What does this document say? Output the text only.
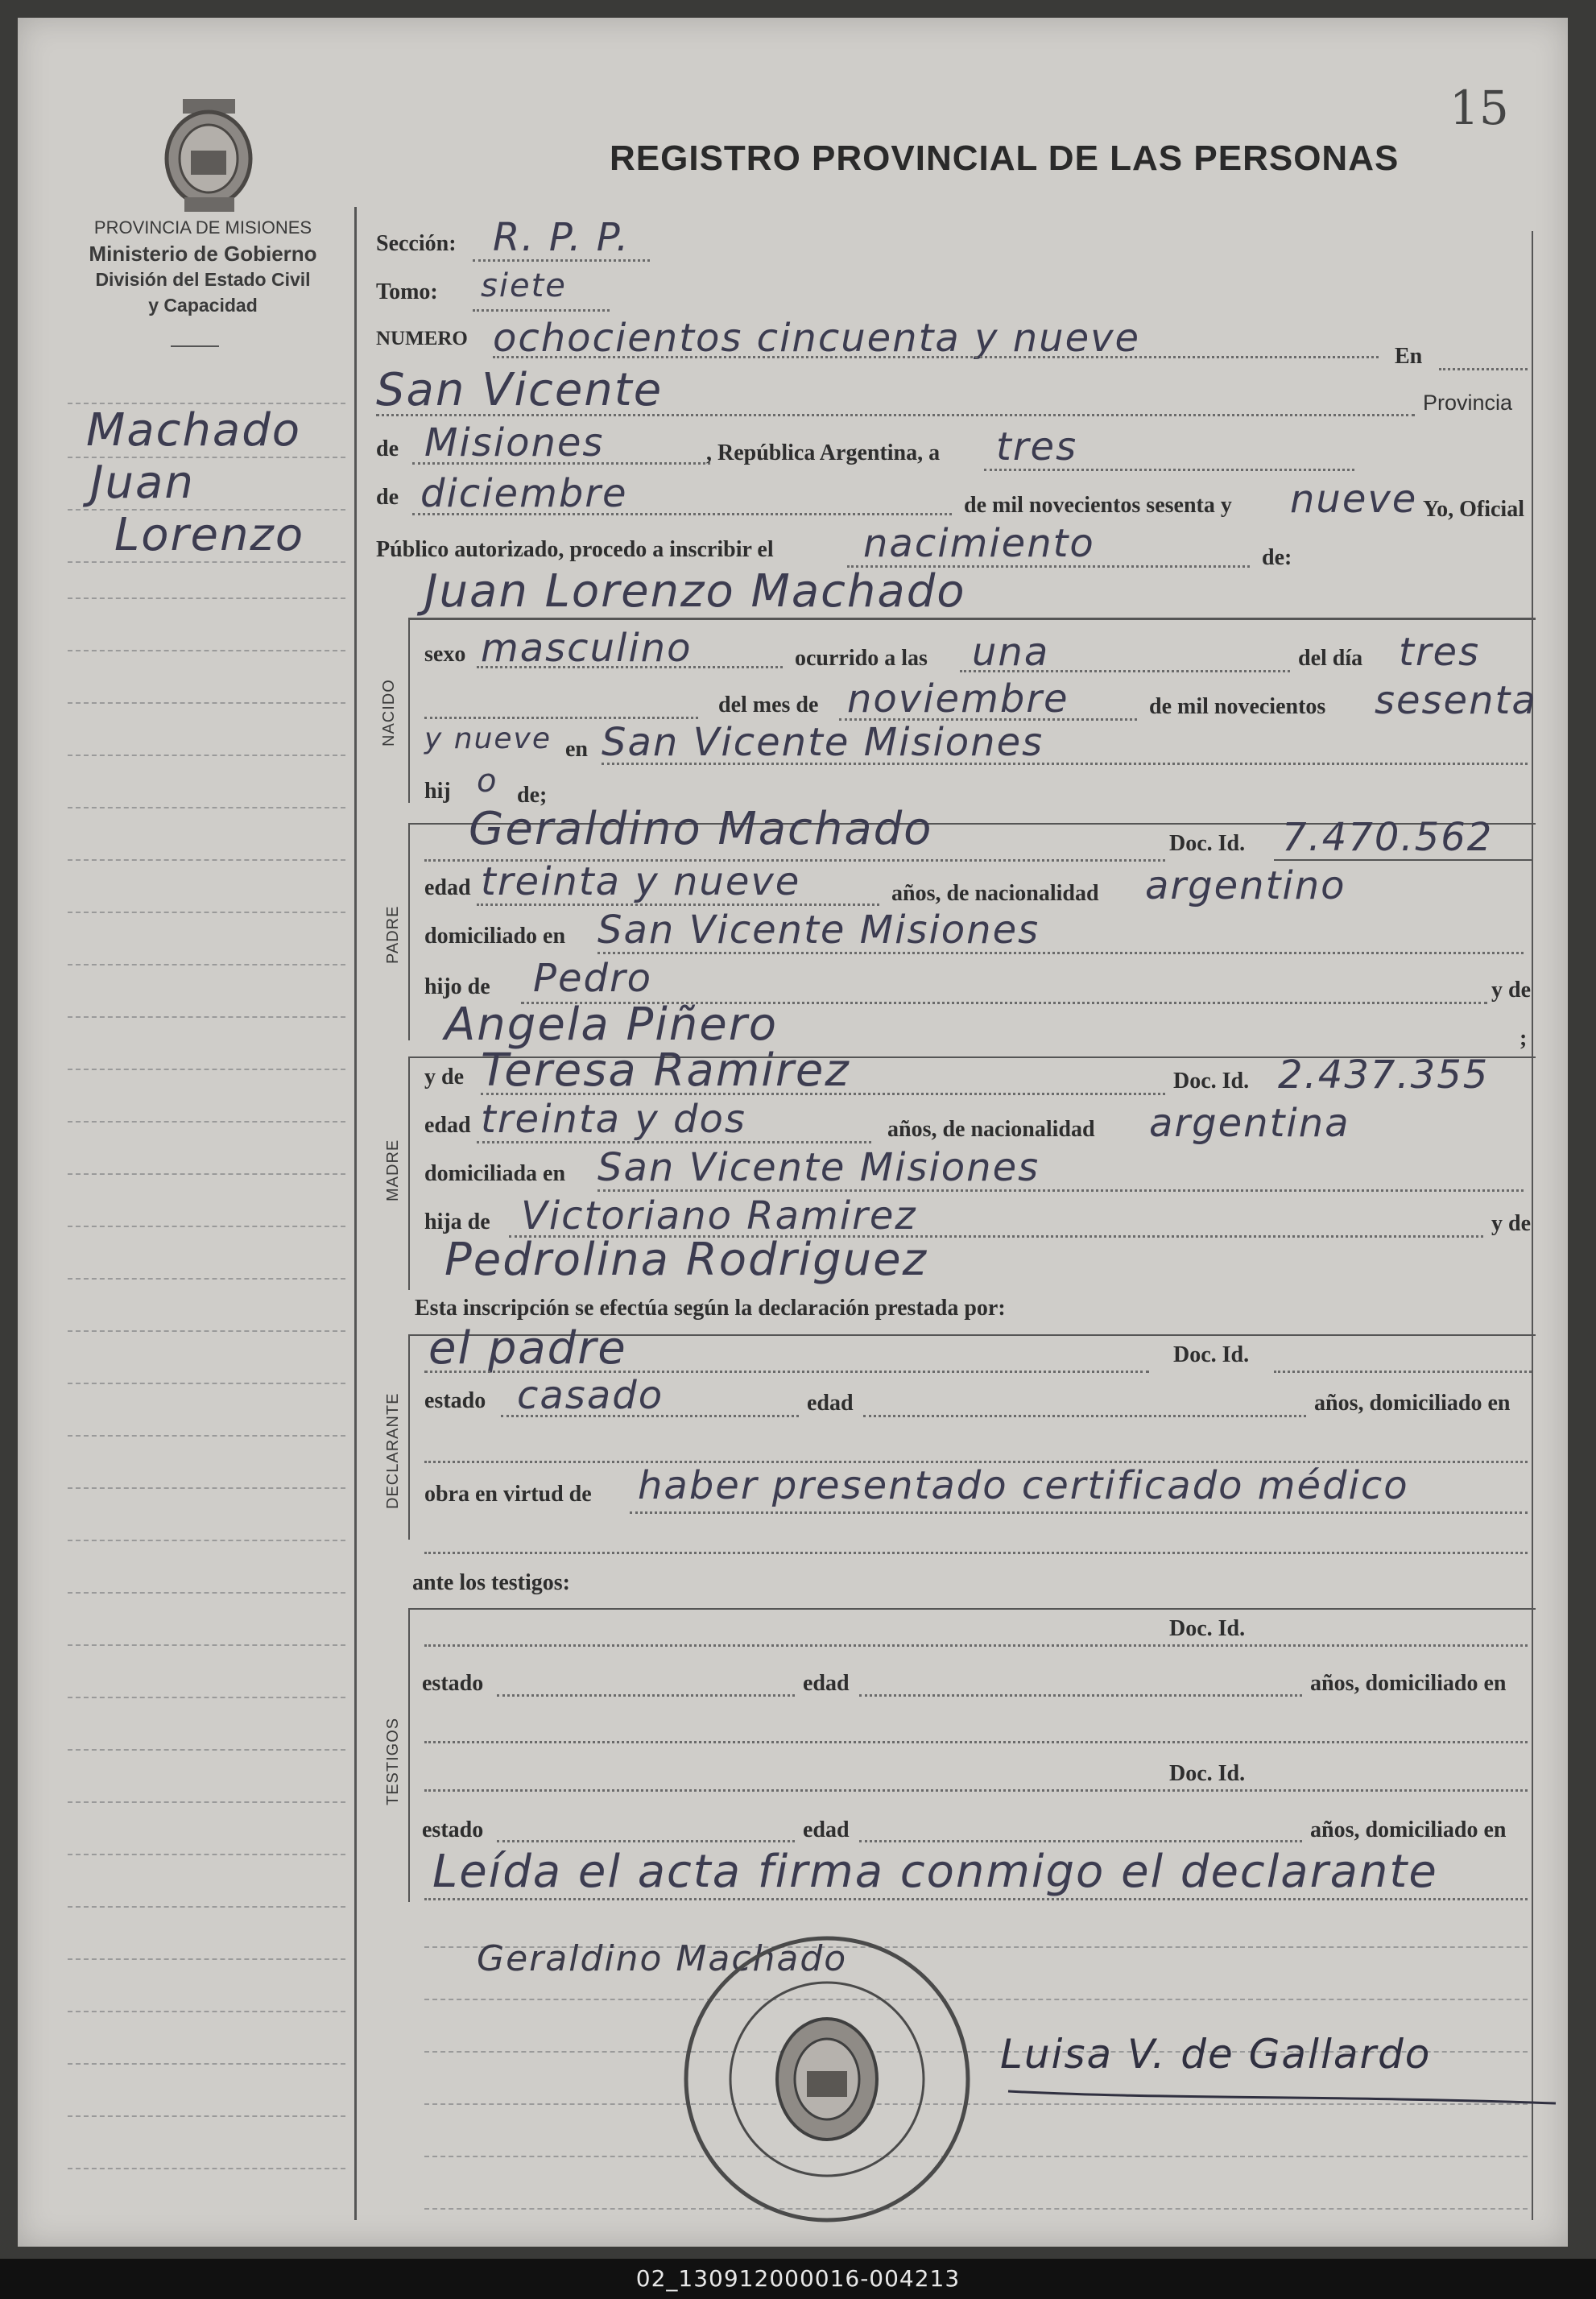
15
REGISTRO PROVINCIAL DE LAS PERSONAS
PROVINCIA DE MISIONES
Ministerio de Gobierno
División del Estado Civil
y Capacidad
Machado
Juan
Lorenzo
Sección: R. P. P.
Tomo: siete
NUMERO ochocientos cincuenta y nueve	En
San Vicente	Provincia
de Misiones	, República Argentina, a tres
de diciembre	de mil novecientos sesenta y nueve Yo, Oficial
Público autorizado, procedo a inscribir el nacimiento	de:
Juan Lorenzo Machado
NACIDO
sexo masculino	ocurrido a las una	del día tres
del mes de noviembre	de mil novecientos sesenta
y nueve en San Vicente Misiones
hij o de;
PADRE
Geraldino Machado	Doc. Id. 7.470.562
edad treinta y nueve	años, de nacionalidad argentino
domiciliado en San Vicente Misiones
hijo de Pedro	y de
Angela Piñero	;
MADRE
y de Teresa Ramirez	Doc. Id. 2.437.355
edad treinta y dos	años, de nacionalidad argentina
domiciliada en San Vicente Misiones
hija de Victoriano Ramirez	y de
Pedrolina Rodriguez
Esta inscripción se efectúa según la declaración prestada por:
DECLARANTE
el padre	Doc. Id.
estado casado	edad	años, domiciliado en
obra en virtud de haber presentado certificado médico
ante los testigos:
TESTIGOS
Doc. Id.
estado	edad	años, domiciliado en
Doc. Id.
estado	edad	años, domiciliado en
Leída el acta firma conmigo el declarante
Geraldino Machado
Luisa V. de Gallardo
02_130912000016-004213
